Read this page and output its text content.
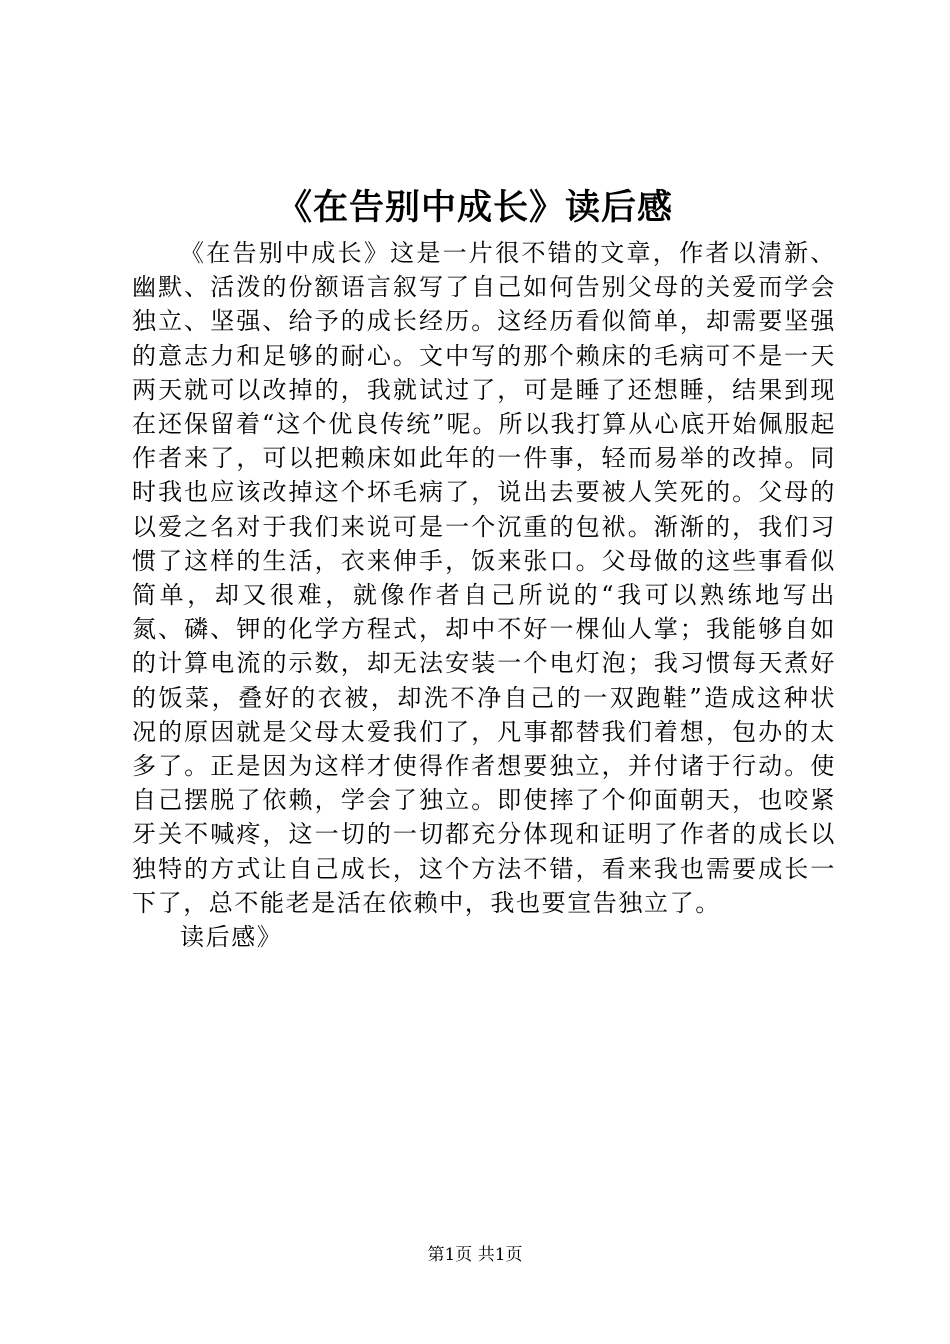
《在告别中成长》读后感

《在告别中成长》这是一片很不错的文章，作者以清新、幽默、活泼的份额语言叙写了自己如何告别父母的关爱而学会独立、坚强、给予的成长经历。这经历看似简单，却需要坚强的意志力和足够的耐心。文中写的那个赖床的毛病可不是一天两天就可以改掉的，我就试过了，可是睡了还想睡，结果到现在还保留着“这个优良传统”呢。所以我打算从心底开始佩服起作者来了，可以把赖床如此年的一件事，轻而易举的改掉。同时我也应该改掉这个坏毛病了，说出去要被人笑死的。父母的以爱之名对于我们来说可是一个沉重的包袱。渐渐的，我们习惯了这样的生活，衣来伸手，饭来张口。父母做的这些事看似简单，却又很难，就像作者自己所说的“我可以熟练地写出氮、磷、钾的化学方程式，却中不好一棵仙人掌；我能够自如的计算电流的示数，却无法安装一个电灯泡；我习惯每天煮好的饭菜，叠好的衣被，却洗不净自己的一双跑鞋”造成这种状况的原因就是父母太爱我们了，凡事都替我们着想，包办的太多了。正是因为这样才使得作者想要独立，并付诸于行动。使自己摆脱了依赖，学会了独立。即使摔了个仰面朝天，也咬紧牙关不喊疼，这一切的一切都充分体现和证明了作者的成长以独特的方式让自己成长，这个方法不错，看来我也需要成长一下了，总不能老是活在依赖中，我也要宣告独立了。

读后感》

第1页 共1页
